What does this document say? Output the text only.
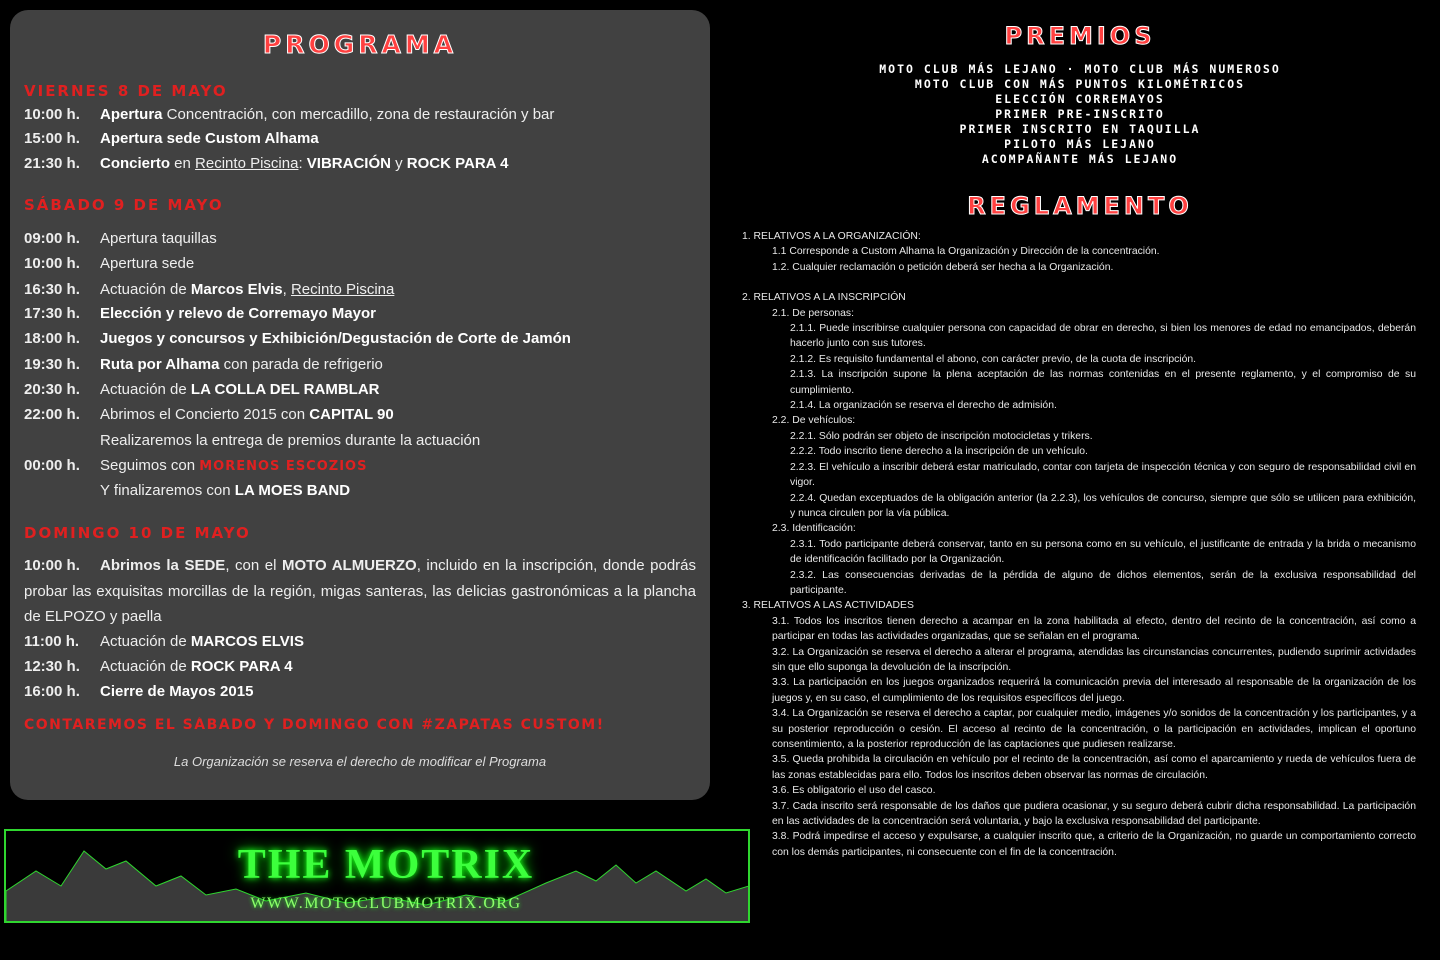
PROGRAMA
VIERNES 8 DE MAYO
10:00 h. Apertura Concentración, con mercadillo, zona de restauración y bar
15:00 h. Apertura sede Custom Alhama
21:30 h. Concierto en Recinto Piscina: VIBRACIÓN y ROCK PARA 4
SÁBADO 9 DE MAYO
09:00 h. Apertura taquillas
10:00 h. Apertura sede
16:30 h. Actuación de Marcos Elvis, Recinto Piscina
17:30 h. Elección y relevo de Corremayo Mayor
18:00 h. Juegos y concursos y Exhibición/Degustación de Corte de Jamón
19:30 h. Ruta por Alhama con parada de refrigerio
20:30 h. Actuación de LA COLLA DEL RAMBLAR
22:00 h. Abrimos el Concierto 2015 con CAPITAL 90
Realizaremos la entrega de premios durante la actuación
00:00 h. Seguimos con MORENOS ESCOZIOS
Y finalizaremos con LA MOES BAND
DOMINGO 10 DE MAYO
10:00 h. Abrimos la SEDE, con el MOTO ALMUERZO, incluido en la inscripción, donde podrás probar las exquisitas morcillas de la región, migas santeras, las delicias gastronómicas a la plancha de ELPOZO y paella
11:00 h. Actuación de MARCOS ELVIS
12:30 h. Actuación de ROCK PARA 4
16:00 h. Cierre de Mayos 2015
CONTAREMOS EL SÁBADO Y DOMINGO CON #ZAPATAS CUSTOM!
La Organización se reserva el derecho de modificar el Programa
PREMIOS
MOTO CLUB MÁS LEJANO · MOTO CLUB MÁS NUMEROSO
MOTO CLUB CON MÁS PUNTOS KILOMÉTRICOS
ELECCIÓN CORREMAYOS
PRIMER PRE-INSCRITO
PRIMER INSCRITO EN TAQUILLA
PILOTO MÁS LEJANO
ACOMPAÑANTE MÁS LEJANO
REGLAMENTO
1. RELATIVOS A LA ORGANIZACIÓN:
1.1 Corresponde a Custom Alhama la Organización y Dirección de la concentración.
1.2. Cualquier reclamación o petición deberá ser hecha a la Organización.
2. RELATIVOS A LA INSCRIPCIÓN
2.1. De personas:
2.1.1. Puede inscribirse cualquier persona con capacidad de obrar en derecho, si bien los menores de edad no emancipados, deberán hacerlo junto con sus tutores.
2.1.2. Es requisito fundamental el abono, con carácter previo, de la cuota de inscripción.
2.1.3. La inscripción supone la plena aceptación de las normas contenidas en el presente reglamento, y el compromiso de su cumplimiento.
2.1.4. La organización se reserva el derecho de admisión.
2.2. De vehículos:
2.2.1. Sólo podrán ser objeto de inscripción motocicletas y trikers.
2.2.2. Todo inscrito tiene derecho a la inscripción de un vehículo.
2.2.3. El vehículo a inscribir deberá estar matriculado, contar con tarjeta de inspección técnica y con seguro de responsabilidad civil en vigor.
2.2.4. Quedan exceptuados de la obligación anterior (la 2.2.3), los vehículos de concurso, siempre que sólo se utilicen para exhibición, y nunca circulen por la vía pública.
2.3. Identificación:
2.3.1. Todo participante deberá conservar, tanto en su persona como en su vehículo, el justificante de entrada y la brida o mecanismo de identificación facilitado por la Organización.
2.3.2. Las consecuencias derivadas de la pérdida de alguno de dichos elementos, serán de la exclusiva responsabilidad del participante.
3. RELATIVOS A LAS ACTIVIDADES
3.1. Todos los inscritos tienen derecho a acampar en la zona habilitada al efecto, dentro del recinto de la concentración, así como a participar en todas las actividades organizadas, que se señalan en el programa.
3.2. La Organización se reserva el derecho a alterar el programa, atendidas las circunstancias concurrentes, pudiendo suprimir actividades sin que ello suponga la devolución de la inscripción.
3.3. La participación en los juegos organizados requerirá la comunicación previa del interesado al responsable de la organización de los juegos y, en su caso, el cumplimiento de los requisitos específicos del juego.
3.4. La Organización se reserva el derecho a captar, por cualquier medio, imágenes y/o sonidos de la concentración y los participantes, y a su posterior reproducción o cesión. El acceso al recinto de la concentración, o la participación en actividades, implican el oportuno consentimiento, a la posterior reproducción de las captaciones que pudiesen realizarse.
3.5. Queda prohibida la circulación en vehículo por el recinto de la concentración, así como el aparcamiento y rueda de vehículos fuera de las zonas establecidas para ello. Todos los inscritos deben observar las normas de circulación.
3.6. Es obligatorio el uso del casco.
3.7. Cada inscrito será responsable de los daños que pudiera ocasionar, y su seguro deberá cubrir dicha responsabilidad. La participación en las actividades de la concentración será voluntaria, y bajo la exclusiva responsabilidad del participante.
3.8. Podrá impedirse el acceso y expulsarse, a cualquier inscrito que, a criterio de la Organización, no guarde un comportamiento correcto con los demás participantes, ni consecuente con el fin de la concentración.
THE MOTRIX
WWW.MOTOCLUBMOTRIX.ORG
